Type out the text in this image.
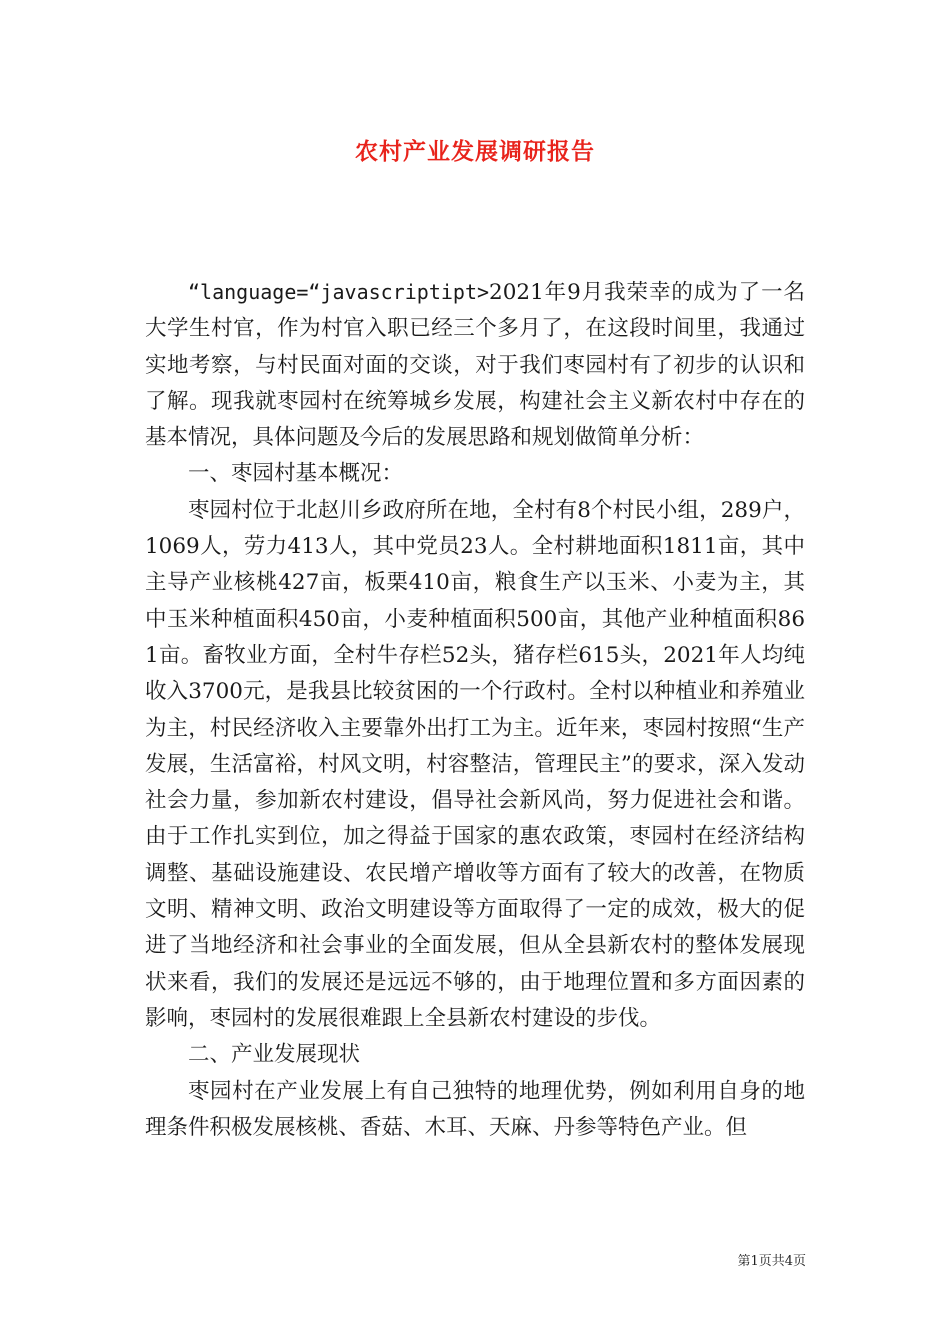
农村产业发展调研报告

“language=“javascriptipt>2021年9月我荣幸的成为了一名大学生村官，作为村官入职已经三个多月了，在这段时间里，我通过实地考察，与村民面对面的交谈，对于我们枣园村有了初步的认识和了解。现我就枣园村在统筹城乡发展，构建社会主义新农村中存在的基本情况，具体问题及今后的发展思路和规划做简单分析：

一、枣园村基本概况：

枣园村位于北赵川乡政府所在地，全村有8个村民小组，289户，1069人，劳力413人，其中党员23人。全村耕地面积1811亩，其中主导产业核桃427亩，板栗410亩，粮食生产以玉米、小麦为主，其中玉米种植面积450亩，小麦种植面积500亩，其他产业种植面积861亩。畜牧业方面，全村牛存栏52头，猪存栏615头，2021年人均纯收入3700元，是我县比较贫困的一个行政村。全村以种植业和养殖业为主，村民经济收入主要靠外出打工为主。近年来，枣园村按照“生产发展，生活富裕，村风文明，村容整洁，管理民主”的要求，深入发动社会力量，参加新农村建设，倡导社会新风尚，努力促进社会和谐。由于工作扎实到位，加之得益于国家的惠农政策，枣园村在经济结构调整、基础设施建设、农民增产增收等方面有了较大的改善，在物质文明、精神文明、政治文明建设等方面取得了一定的成效，极大的促进了当地经济和社会事业的全面发展，但从全县新农村的整体发展现状来看，我们的发展还是远远不够的，由于地理位置和多方面因素的影响，枣园村的发展很难跟上全县新农村建设的步伐。

二、产业发展现状

枣园村在产业发展上有自己独特的地理优势，例如利用自身的地理条件积极发展核桃、香菇、木耳、天麻、丹参等特色产业。但

第1页共4页
